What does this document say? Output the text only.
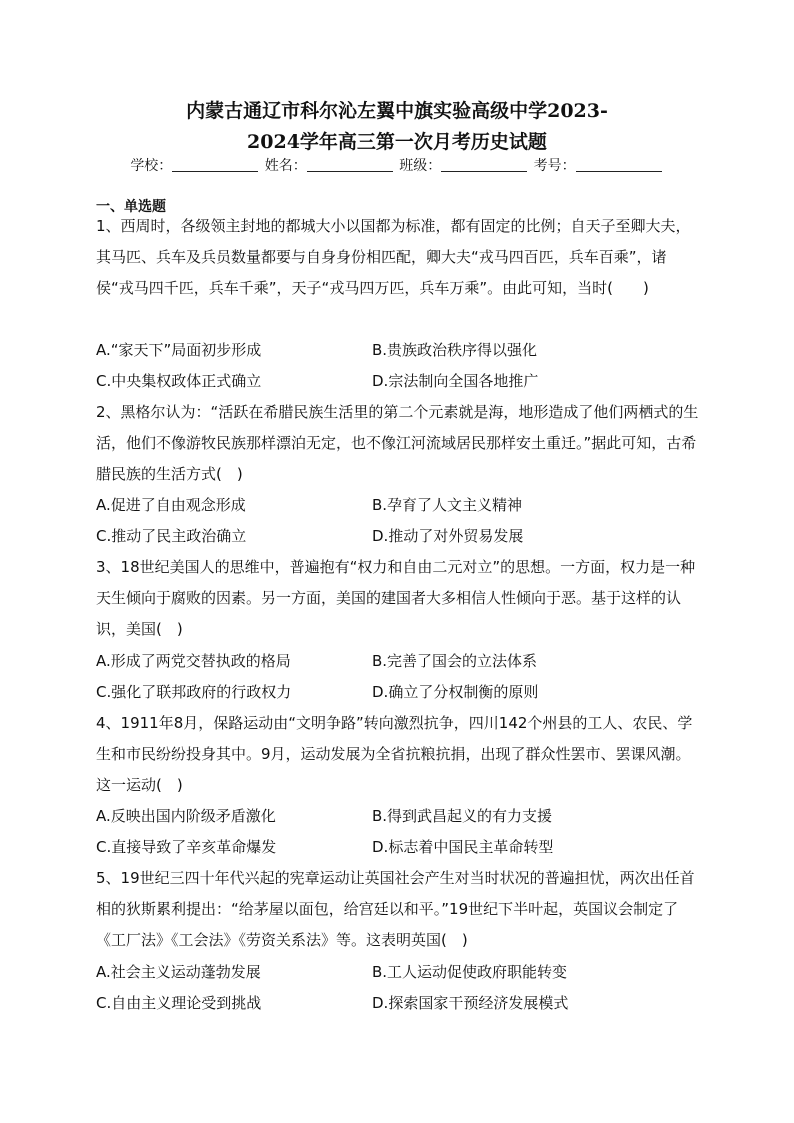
内蒙古通辽市科尔沁左翼中旗实验高级中学2023-
2024学年高三第一次月考历史试题
学校：	姓名：	班级：	考号：
一、单选题
1、西周时，各级领主封地的都城大小以国都为标准，都有固定的比例；自天子至卿大夫，其马匹、兵车及兵员数量都要与自身身份相匹配，卿大夫“戎马四百匹，兵车百乘”，诸侯“戎马四千匹，兵车千乘”，天子“戎马四万匹，兵车万乘”。由此可知，当时(　　)
A.“家天下”局面初步形成	B.贵族政治秩序得以强化
C.中央集权政体正式确立	D.宗法制向全国各地推广
2、黑格尔认为：“活跃在希腊民族生活里的第二个元素就是海，地形造成了他们两栖式的生活，他们不像游牧民族那样漂泊无定，也不像江河流域居民那样安土重迁。”据此可知，古希腊民族的生活方式(　)
A.促进了自由观念形成	B.孕育了人文主义精神
C.推动了民主政治确立	D.推动了对外贸易发展
3、18世纪美国人的思维中，普遍抱有“权力和自由二元对立”的思想。一方面，权力是一种天生倾向于腐败的因素。另一方面，美国的建国者大多相信人性倾向于恶。基于这样的认识，美国(　)
A.形成了两党交替执政的格局	B.完善了国会的立法体系
C.强化了联邦政府的行政权力	D.确立了分权制衡的原则
4、1911年8月，保路运动由“文明争路”转向激烈抗争，四川142个州县的工人、农民、学生和市民纷纷投身其中。9月，运动发展为全省抗粮抗捐，出现了群众性罢市、罢课风潮。这一运动(　)
A.反映出国内阶级矛盾激化	B.得到武昌起义的有力支援
C.直接导致了辛亥革命爆发	D.标志着中国民主革命转型
5、19世纪三四十年代兴起的宪章运动让英国社会产生对当时状况的普遍担忧，两次出任首相的狄斯累利提出：“给茅屋以面包，给宫廷以和平。”19世纪下半叶起，英国议会制定了《工厂法》《工会法》《劳资关系法》等。这表明英国(　)
A.社会主义运动蓬勃发展	B.工人运动促使政府职能转变
C.自由主义理论受到挑战	D.探索国家干预经济发展模式
